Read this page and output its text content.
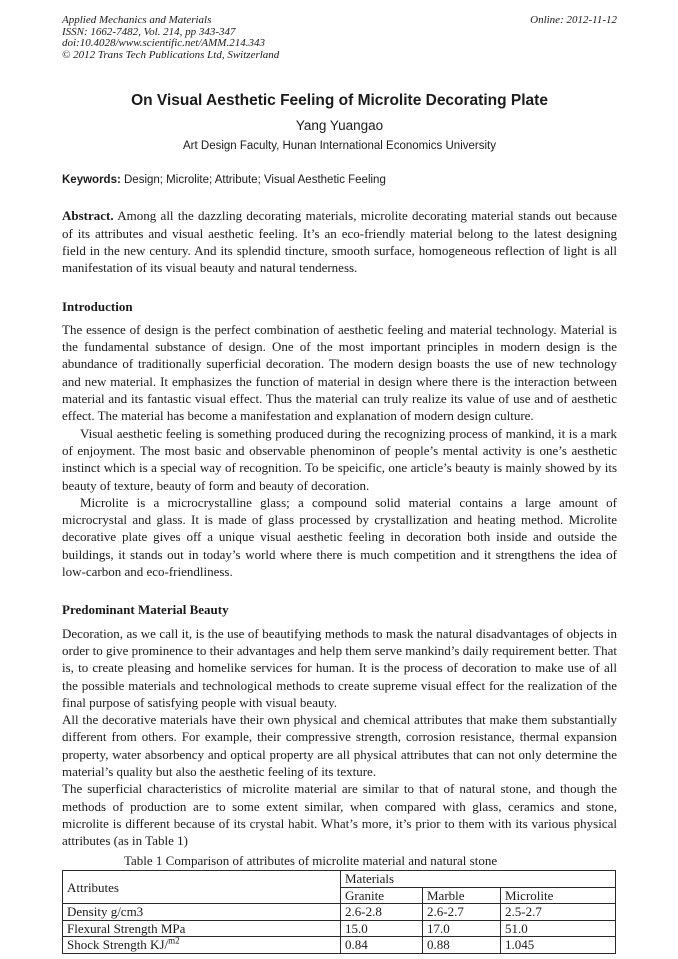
Applied Mechanics and Materials
ISSN: 1662-7482, Vol. 214, pp 343-347
doi:10.4028/www.scientific.net/AMM.214.343
© 2012 Trans Tech Publications Ltd, Switzerland
Online: 2012-11-12
On Visual Aesthetic Feeling of Microlite Decorating Plate
Yang Yuangao
Art Design Faculty, Hunan International Economics University
Keywords: Design; Microlite; Attribute; Visual Aesthetic Feeling

Abstract. Among all the dazzling decorating materials, microlite decorating material stands out because of its attributes and visual aesthetic feeling. It’s an eco-friendly material belong to the latest designing field in the new century. And its splendid tincture, smooth surface, homogeneous reflection of light is all manifestation of its visual beauty and natural tenderness.

Introduction

The essence of design is the perfect combination of aesthetic feeling and material technology. Material is the fundamental substance of design. One of the most important principles in modern design is the abundance of traditionally superficial decoration. The modern design boasts the use of new technology and new material. It emphasizes the function of material in design where there is the interaction between material and its fantastic visual effect. Thus the material can truly realize its value of use and of aesthetic effect. The material has become a manifestation and explanation of modern design culture.

Visual aesthetic feeling is something produced during the recognizing process of mankind, it is a mark of enjoyment. The most basic and observable phenominon of people’s mental activity is one’s aesthetic instinct which is a special way of recognition. To be speicific, one article’s beauty is mainly showed by its beauty of texture, beauty of form and beauty of decoration.

Microlite is a microcrystalline glass; a compound solid material contains a large amount of microcrystal and glass. It is made of glass processed by crystallization and heating method. Microlite decorative plate gives off a unique visual aesthetic feeling in decoration both inside and outside the buildings, it stands out in today’s world where there is much competition and it strengthens the idea of low-carbon and eco-friendliness.

Predominant Material Beauty

Decoration, as we call it, is the use of beautifying methods to mask the natural disadvantages of objects in order to give prominence to their advantages and help them serve mankind’s daily requirement better. That is, to create pleasing and homelike services for human. It is the process of decoration to make use of all the possible materials and technological methods to create supreme visual effect for the realization of the final purpose of satisfying people with visual beauty.

All the decorative materials have their own physical and chemical attributes that make them substantially different from others. For example, their compressive strength, corrosion resistance, thermal expansion property, water absorbency and optical property are all physical attributes that can not only determine the material’s quality but also the aesthetic feeling of its texture.

The superficial characteristics of microlite material are similar to that of natural stone, and though the methods of production are to some extent similar, when compared with glass, ceramics and stone, microlite is different because of its crystal habit. What’s more, it’s prior to them with its various physical attributes (as in Table 1)

Table 1 Comparison of attributes of microlite material and natural stone
Attributes	Materials		
	Granite	Marble	Microlite
Density g/cm3	2.6-2.8	2.6-2.7	2.5-2.7
Flexural Strength MPa	15.0	17.0	51.0
Shock Strength KJ/$^{m2}$	0.84	0.88	1.045
